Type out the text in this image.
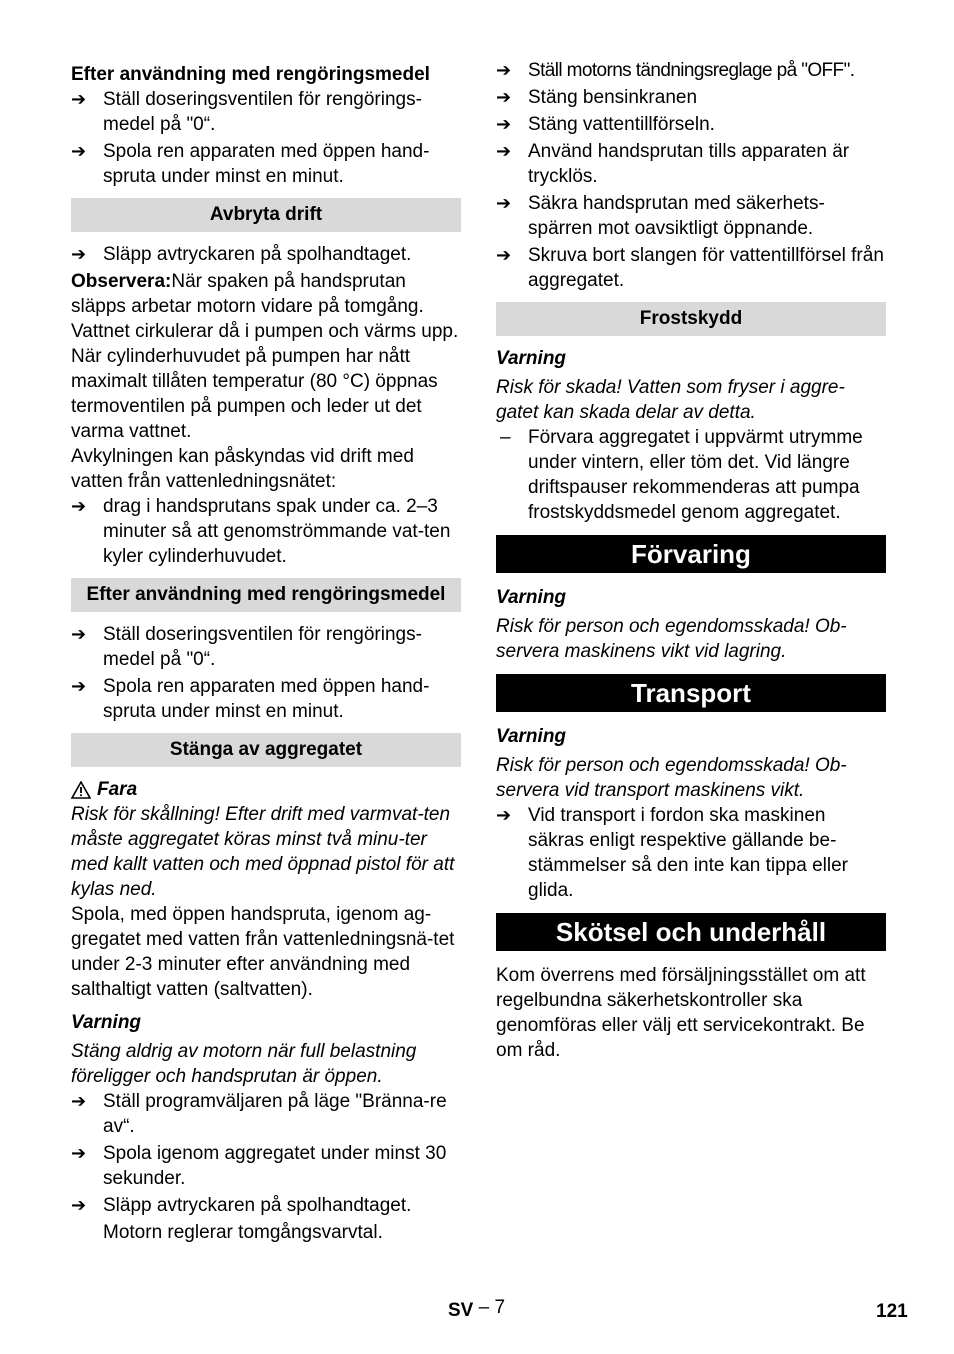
Efter användning med rengöringsmedel

➔ Ställ doseringsventilen för rengörings-medel på "0“.
➔ Spola ren apparaten med öppen hand-spruta under minst en minut.
Avbryta drift
➔ Släpp avtryckaren på spolhandtaget.

Observera:När spaken på handsprutan släpps arbetar motorn vidare på tomgång. Vattnet cirkulerar då i pumpen och värms upp. När cylinderhuvudet på pumpen har nått maximalt tillåten temperatur (80 °C) öppnas termoventilen på pumpen och leder ut det varma vattnet.

Avkylningen kan påskyndas vid drift med vatten från vattenledningsnätet:

➔ drag i handsprutans spak under ca. 2–3 minuter så att genomströmmande vat-ten kyler cylinderhuvudet.
Efter användning med rengöringsmedel
➔ Ställ doseringsventilen för rengörings-medel på "0“.
➔ Spola ren apparaten med öppen hand-spruta under minst en minut.
Stänga av aggregatet
Fara

Risk för skållning! Efter drift med varmvat-ten måste aggregatet köras minst två minu-ter med kallt vatten och med öppnad pistol för att kylas ned.

Spola, med öppen handspruta, igenom ag-gregatet med vatten från vattenledningsnä-tet under 2-3 minuter efter användning med salthaltigt vatten (saltvatten).

Varning

Stäng aldrig av motorn när full belastning föreligger och handsprutan är öppen.

➔ Ställ programväljaren på läge "Bränna-re av“.
➔ Spola igenom aggregatet under minst 30 sekunder.
➔ Släpp avtryckaren på spolhandtaget.

Motorn reglerar tomgångsvarvtal.

➔ Ställ motorns tändningsreglage på "OFF".
➔ Stäng bensinkranen
➔ Stäng vattentillförseln.
➔ Använd handsprutan tills apparaten är trycklös.
➔ Säkra handsprutan med säkerhets-spärren mot oavsiktligt öppnande.
➔ Skruva bort slangen för vattentillförsel från aggregatet.
Frostskydd

Varning

Risk för skada! Vatten som fryser i aggre-gatet kan skada delar av detta.

– Förvara aggregatet i uppvärmt utrymme under vintern, eller töm det. Vid längre driftspauser rekommenderas att pumpa frostskyddsmedel genom aggregatet.
Förvaring

Varning

Risk för person och egendomsskada! Ob-servera maskinens vikt vid lagring.

Transport

Varning

Risk för person och egendomsskada! Ob-servera vid transport maskinens vikt.

➔ Vid transport i fordon ska maskinen säkras enligt respektive gällande be-stämmelser så den inte kan tippa eller glida.
Skötsel och underhåll

Kom överrens med försäljningsstället om att regelbundna säkerhetskontroller ska genomföras eller välj ett servicekontrakt. Be om råd.

SV – 7	121
